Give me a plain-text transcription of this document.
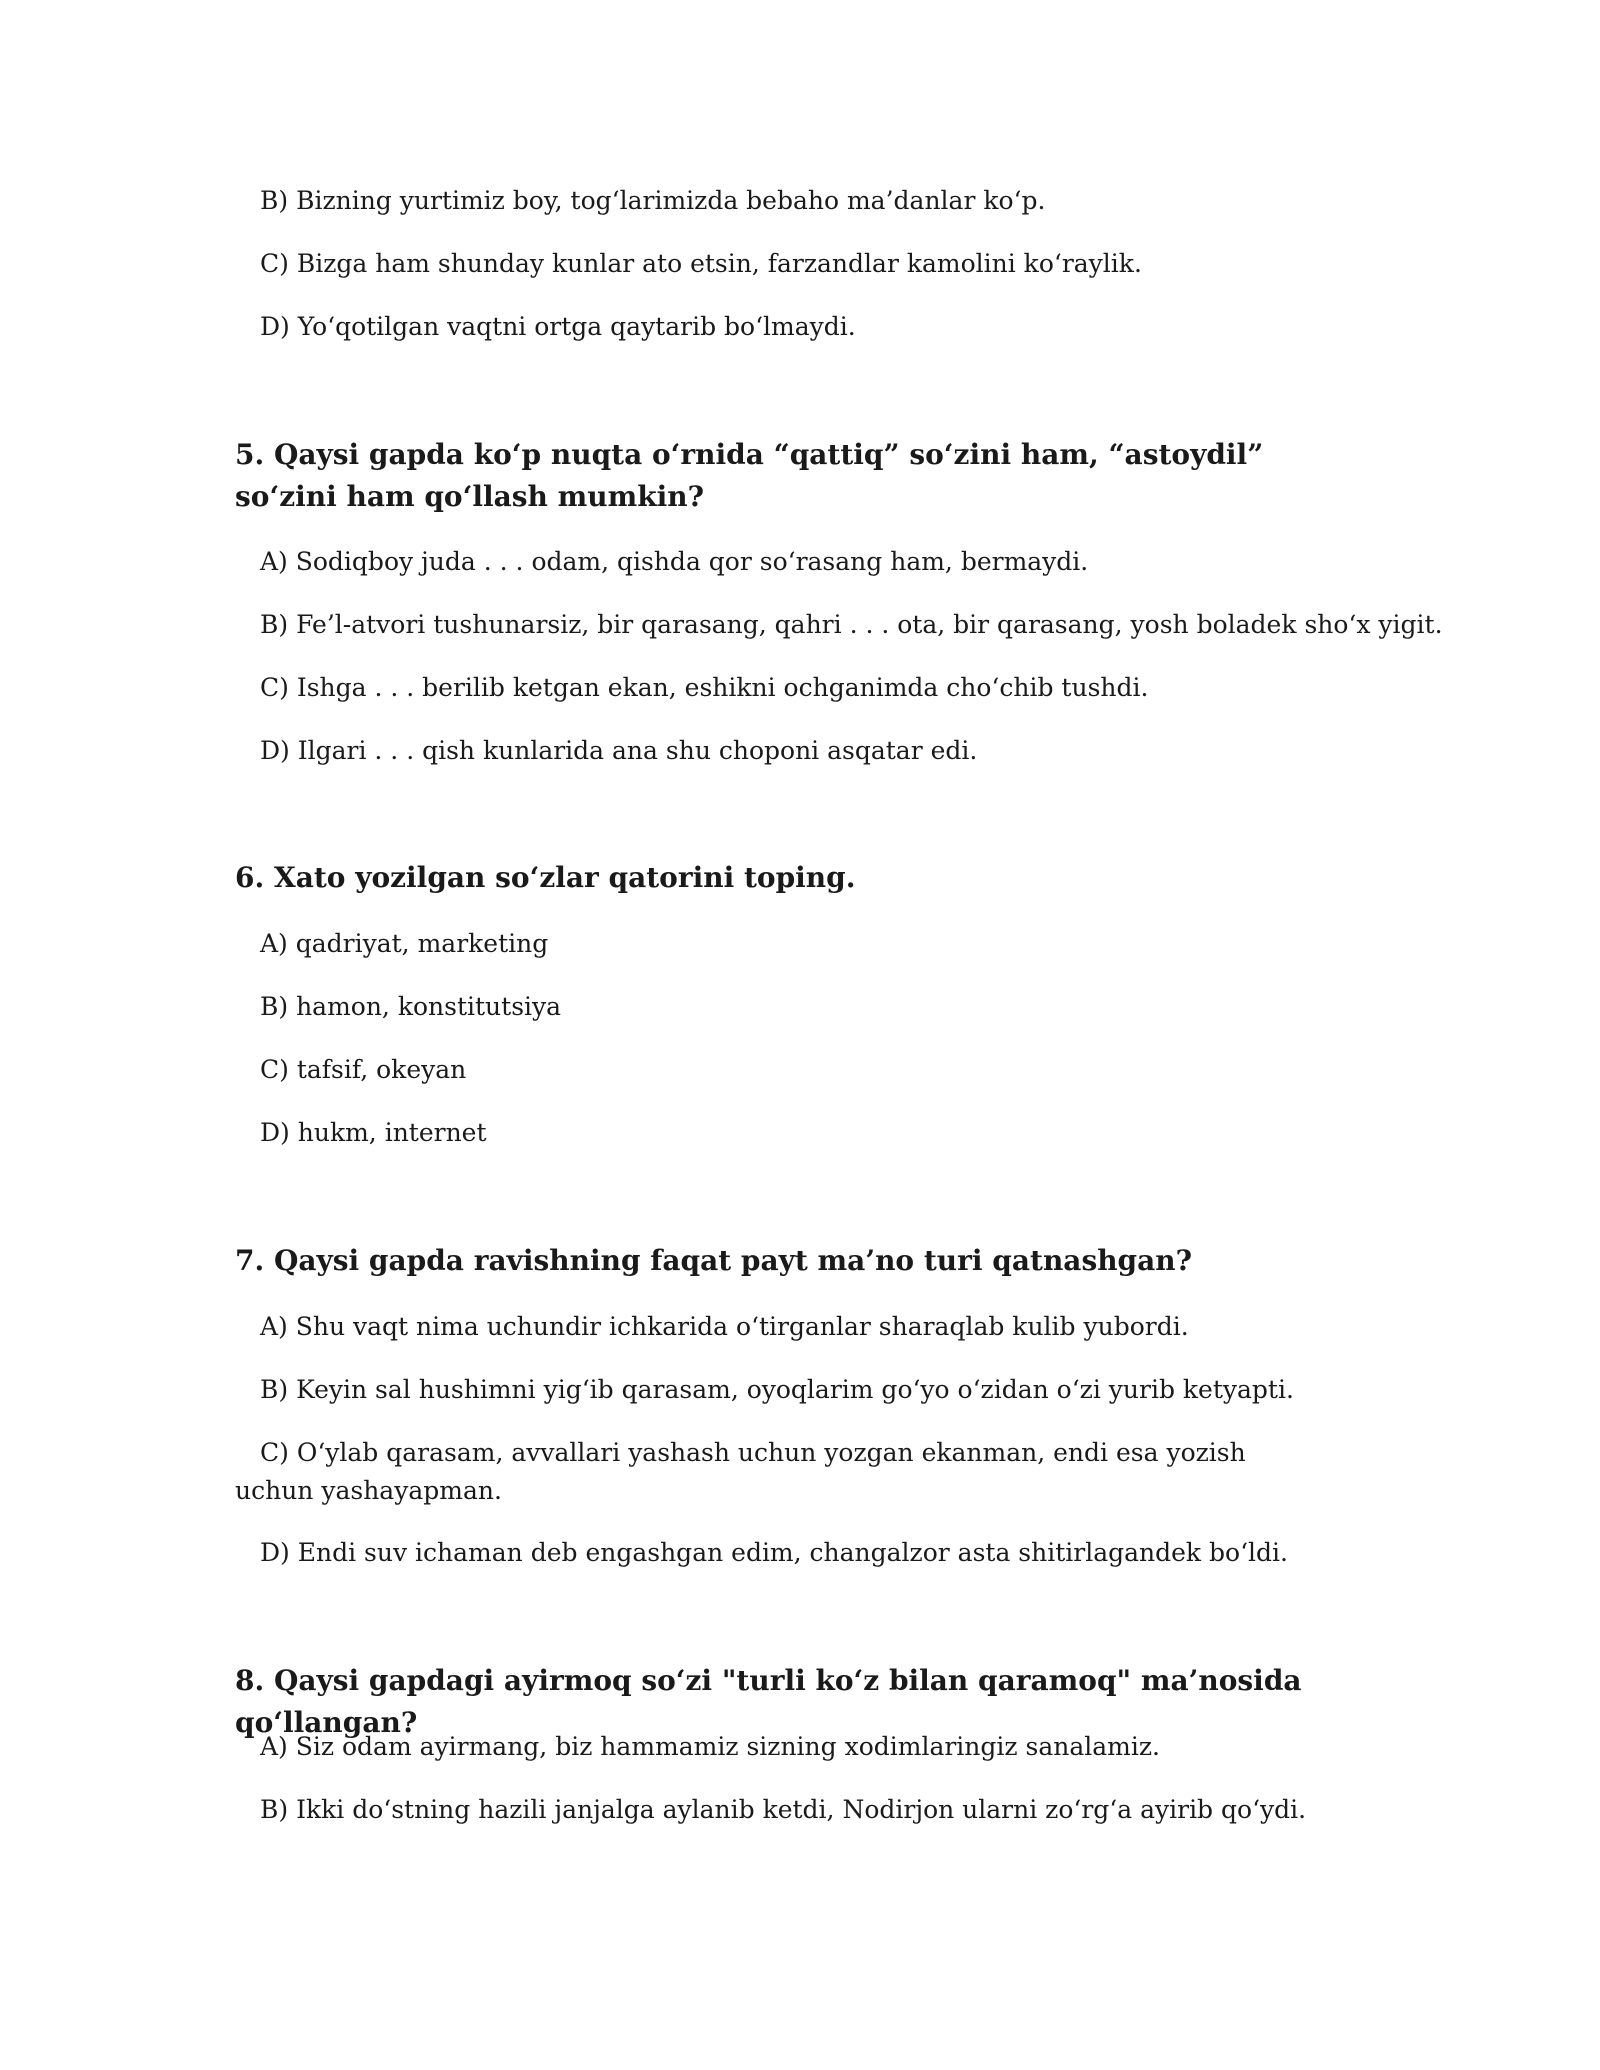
B) Bizning yurtimiz boy, tog‘larimizda bebaho ma’danlar ko‘p.
C) Bizga ham shunday kunlar ato etsin, farzandlar kamolini ko‘raylik.
D) Yo‘qotilgan vaqtni ortga qaytarib bo‘lmaydi.
5. Qaysi gapda ko‘p nuqta o‘rnida “qattiq” so‘zini ham, “astoydil” so‘zini ham qo‘llash mumkin?
A) Sodiqboy juda . . . odam, qishda qor so‘rasang ham, bermaydi.
B) Fe’l-atvori tushunarsiz, bir qarasang, qahri . . . ota, bir qarasang, yosh boladek sho‘x yigit.
C) Ishga . . . berilib ketgan ekan, eshikni ochganimda cho‘chib tushdi.
D) Ilgari . . . qish kunlarida ana shu choponi asqatar edi.
6. Xato yozilgan so‘zlar qatorini toping.
A) qadriyat, marketing
B) hamon, konstitutsiya
C) tafsif, okeyan
D) hukm, internet
7. Qaysi gapda ravishning faqat payt ma’no turi qatnashgan?
A) Shu vaqt nima uchundir ichkarida o‘tirganlar sharaqlab kulib yubordi.
B) Keyin sal hushimni yig‘ib qarasam, oyoqlarim go‘yo o‘zidan o‘zi yurib ketyapti.
C) O‘ylab qarasam, avvallari yashash uchun yozgan ekanman, endi esa yozish uchun yashayapman.
D) Endi suv ichaman deb engashgan edim, changalzor asta shitirlagandek bo‘ldi.
8. Qaysi gapdagi ayirmoq so‘zi "turli ko‘z bilan qaramoq" ma’nosida qo‘llangan?
A) Siz odam ayirmang, biz hammamiz sizning xodimlaringiz sanalamiz.
B) Ikki do‘stning hazili janjalga aylanib ketdi, Nodirjon ularni zo‘rg‘a ayirib qo‘ydi.
